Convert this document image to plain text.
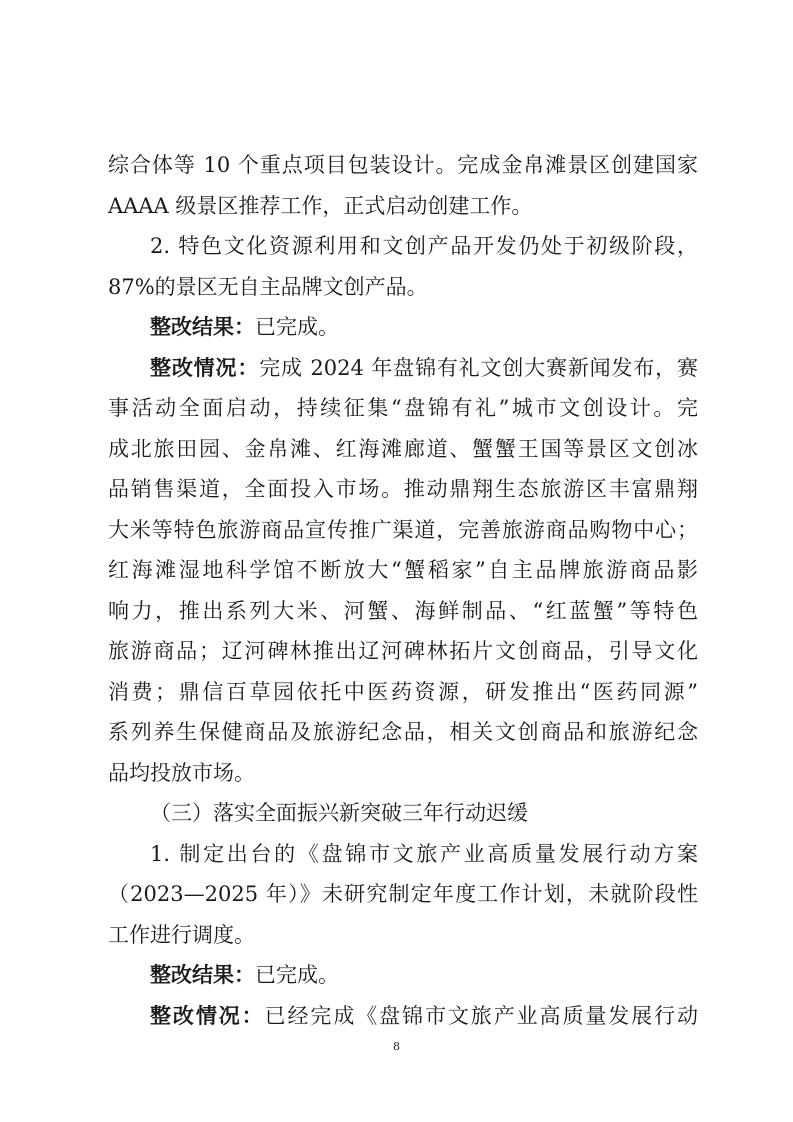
综合体等 10 个重点项目包装设计。完成金帛滩景区创建国家
AAAA 级景区推荐工作，正式启动创建工作。
2. 特色文化资源利用和文创产品开发仍处于初级阶段，
87%的景区无自主品牌文创产品。
整改结果：已完成。
整改情况：完成 2024 年盘锦有礼文创大赛新闻发布，赛
事活动全面启动，持续征集“盘锦有礼”城市文创设计。完
成北旅田园、金帛滩、红海滩廊道、蟹蟹王国等景区文创冰
品销售渠道，全面投入市场。推动鼎翔生态旅游区丰富鼎翔
大米等特色旅游商品宣传推广渠道，完善旅游商品购物中心；
红海滩湿地科学馆不断放大“蟹稻家”自主品牌旅游商品影
响力，推出系列大米、河蟹、海鲜制品、“红蓝蟹”等特色
旅游商品；辽河碑林推出辽河碑林拓片文创商品，引导文化
消费；鼎信百草园依托中医药资源，研发推出“医药同源”
系列养生保健商品及旅游纪念品，相关文创商品和旅游纪念
品均投放市场。
（三）落实全面振兴新突破三年行动迟缓
1. 制定出台的《盘锦市文旅产业高质量发展行动方案
（2023—2025 年）》未研究制定年度工作计划，未就阶段性
工作进行调度。
整改结果：已完成。
整改情况：已经完成《盘锦市文旅产业高质量发展行动
8
